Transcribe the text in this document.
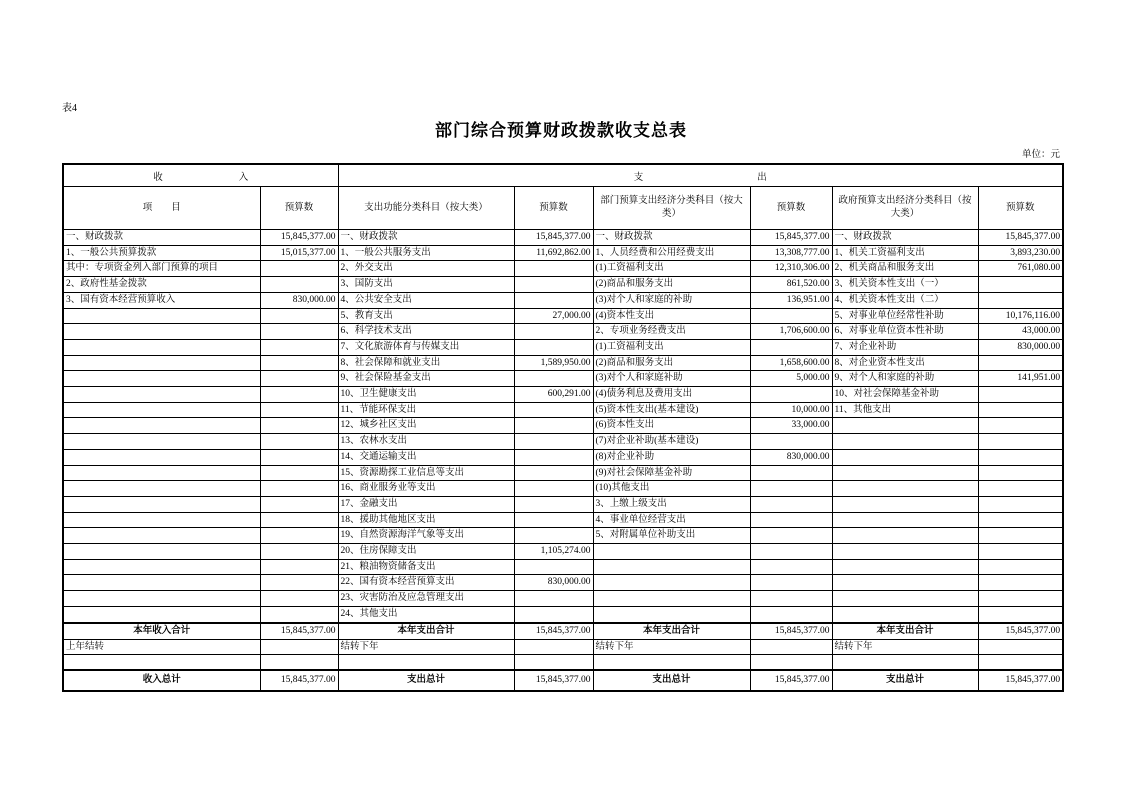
表4
部门综合预算财政拨款收支总表
单位：元
收　　　　　　　　入		支　　　　　　　　　　　　出					
项　　目	预算数	支出功能分类科目（按大类）	预算数	部门预算支出经济分类科目（按大类）	预算数	政府预算支出经济分类科目（按大类）	预算数
一、财政拨款	15,845,377.00	一、财政拨款	15,845,377.00	一、财政拨款	15,845,377.00	一、财政拨款	15,845,377.00
1、一般公共预算拨款	15,015,377.00	1、一般公共服务支出	11,692,862.00	1、人员经费和公用经费支出	13,308,777.00	1、机关工资福利支出	3,893,230.00
其中：专项资金列入部门预算的项目		2、外交支出		(1)工资福利支出	12,310,306.00	2、机关商品和服务支出	761,080.00
2、政府性基金拨款		3、国防支出		(2)商品和服务支出	861,520.00	3、机关资本性支出（一）	
3、国有资本经营预算收入	830,000.00	4、公共安全支出		(3)对个人和家庭的补助	136,951.00	4、机关资本性支出（二）	
		5、教育支出	27,000.00	(4)资本性支出		5、对事业单位经常性补助	10,176,116.00
		6、科学技术支出		2、专项业务经费支出	1,706,600.00	6、对事业单位资本性补助	43,000.00
		7、文化旅游体育与传媒支出		(1)工资福利支出		7、对企业补助	830,000.00
		8、社会保障和就业支出	1,589,950.00	(2)商品和服务支出	1,658,600.00	8、对企业资本性支出	
		9、社会保险基金支出		(3)对个人和家庭补助	5,000.00	9、对个人和家庭的补助	141,951.00
		10、卫生健康支出	600,291.00	(4)债务利息及费用支出		10、对社会保障基金补助	
		11、节能环保支出		(5)资本性支出(基本建设)	10,000.00	11、其他支出	
		12、城乡社区支出		(6)资本性支出	33,000.00		
		13、农林水支出		(7)对企业补助(基本建设)			
		14、交通运输支出		(8)对企业补助	830,000.00		
		15、资源勘探工业信息等支出		(9)对社会保障基金补助			
		16、商业服务业等支出		(10)其他支出			
		17、金融支出		3、上缴上级支出			
		18、援助其他地区支出		4、事业单位经营支出			
		19、自然资源海洋气象等支出		5、对附属单位补助支出			
		20、住房保障支出	1,105,274.00				
		21、粮油物资储备支出					
		22、国有资本经营预算支出	830,000.00				
		23、灾害防治及应急管理支出					
		24、其他支出					
本年收入合计	15,845,377.00	本年支出合计	15,845,377.00	本年支出合计	15,845,377.00	本年支出合计	15,845,377.00
上年结转		结转下年		结转下年		结转下年	

收入总计	15,845,377.00	支出总计	15,845,377.00	支出总计	15,845,377.00	支出总计	15,845,377.00
